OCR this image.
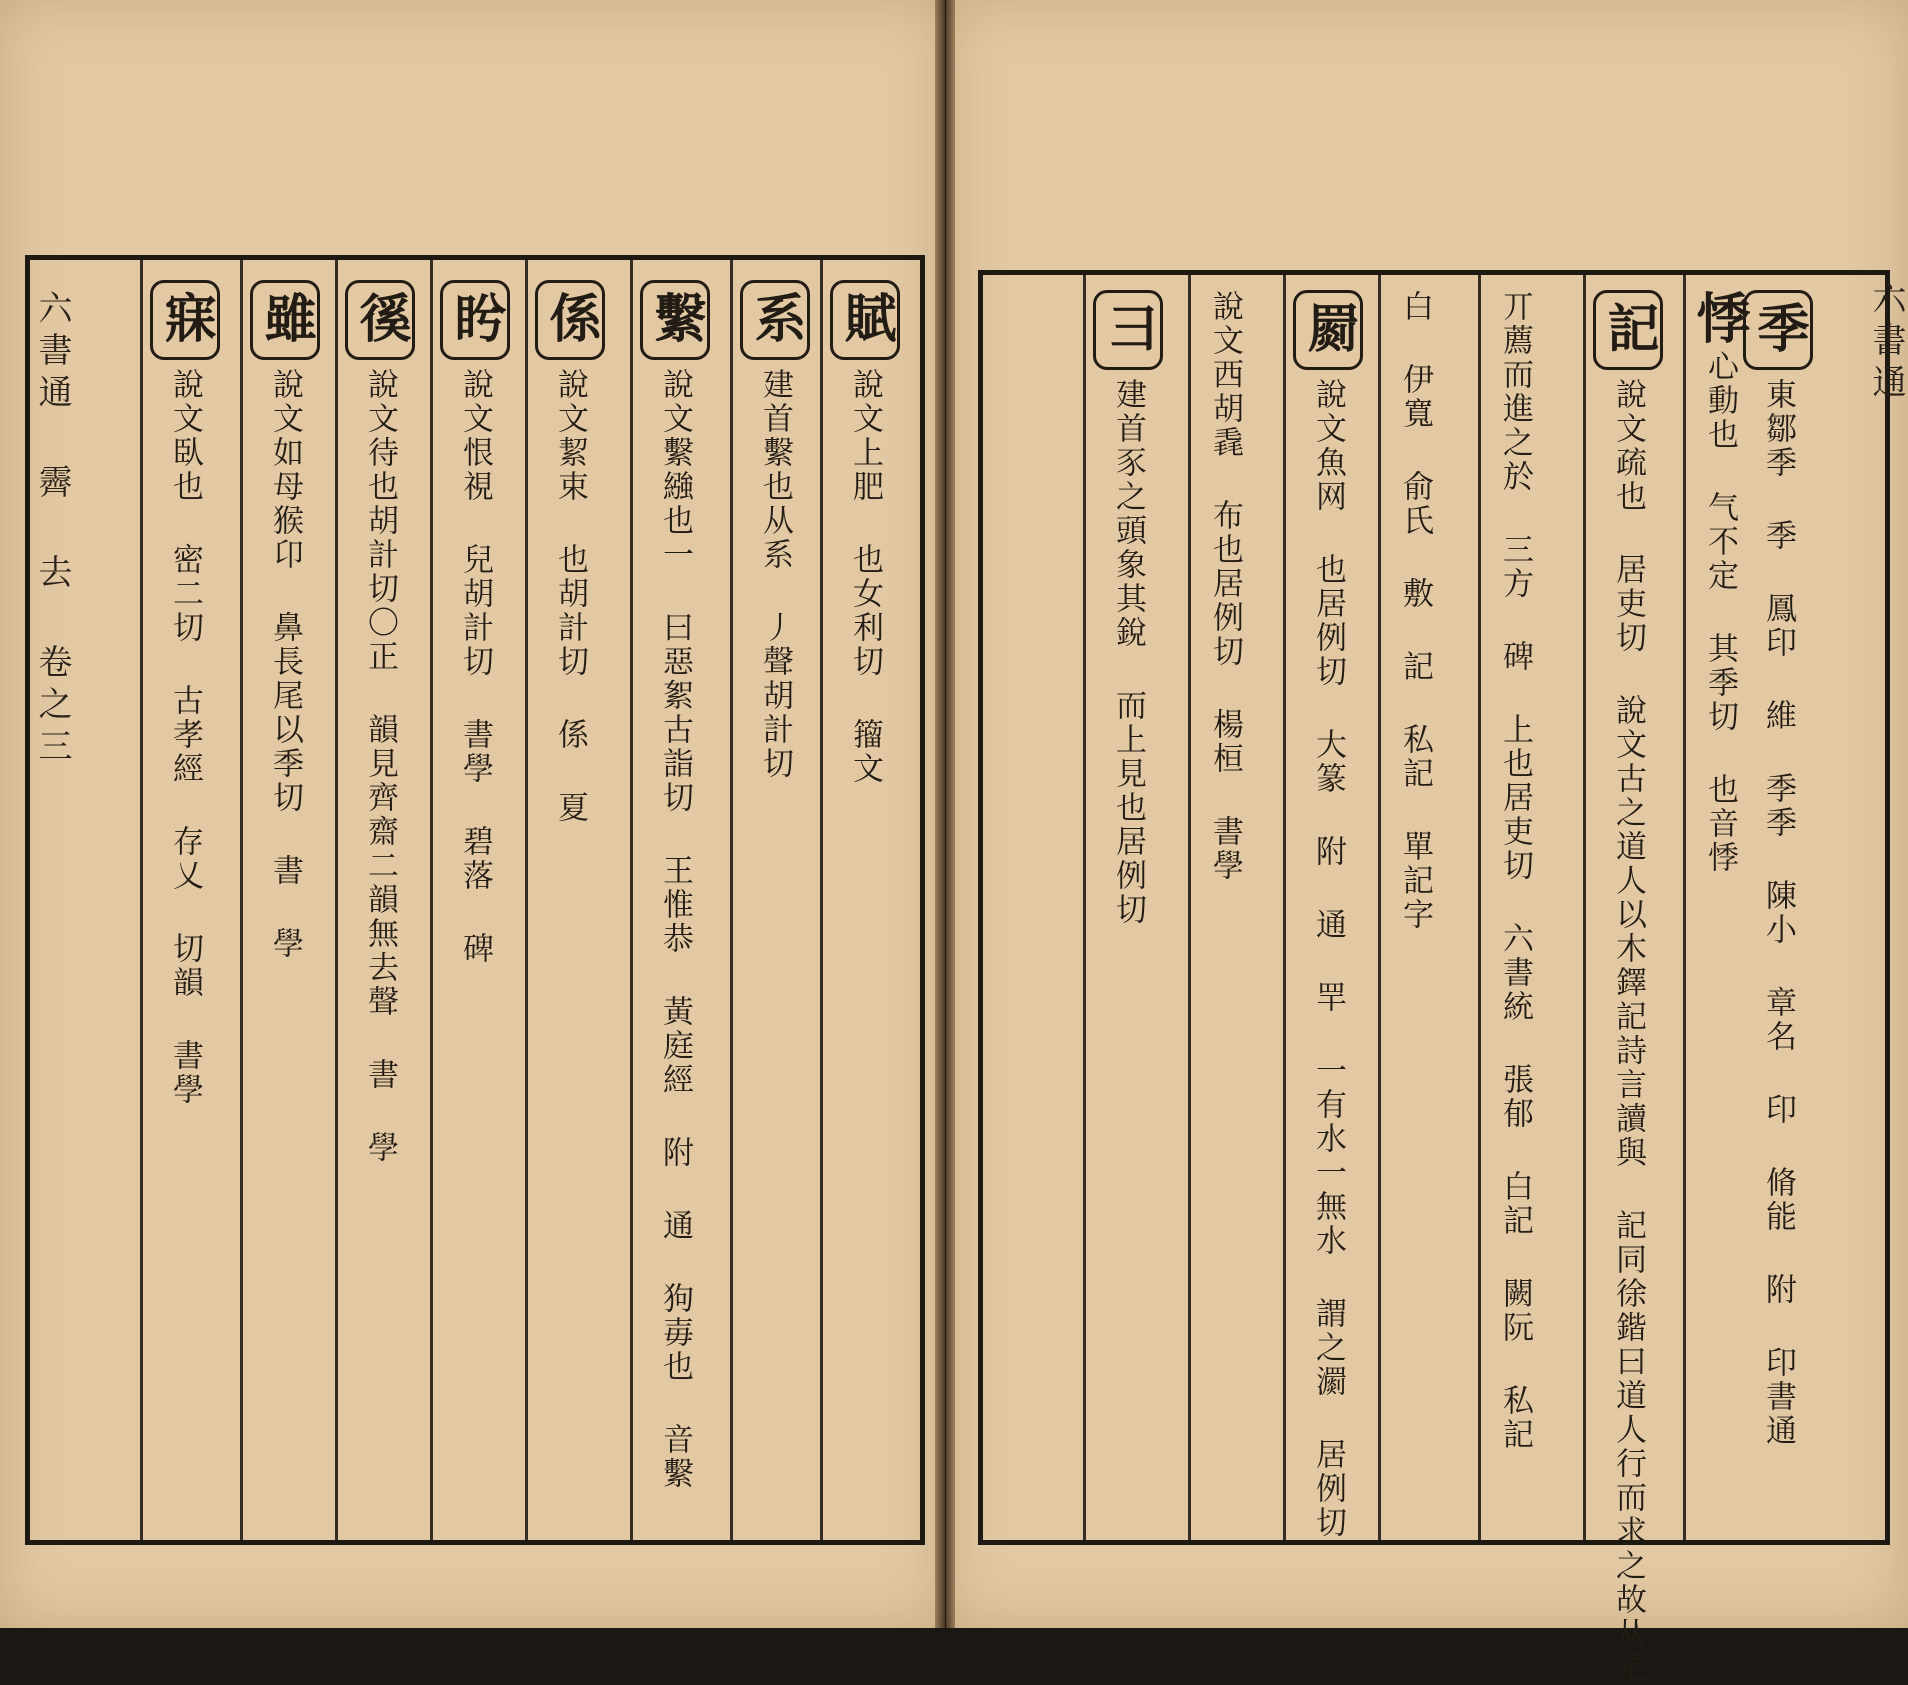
賦說文上肥 也女利切 籀文
系建首繫也从系 丿聲胡計切
繫說文繫繈也一 曰惡絮古詣切 王惟恭 黃庭經 附 通 狗毐也 音繫
係說文絜束 也胡計切 係 夏
盻說文恨視 兒胡計切 書學 碧落 碑
徯說文待也胡計切〇正 韻見齊齋二韻無去聲 書 學
雖說文如母猴卬 鼻長尾以季切 書 學
寐說文臥也 密二切 古孝經 存乂 切韻 書學
六書通 霽 去 卷之三	季東鄒季 季 鳳印 維 季季 陳小 章名 印 脩能 附 印書通
悸心動也 气不定 其季切 也音悸
記說文疏也 居吏切 說文古之道人以木鐸記詩言讀與 記同徐鍇曰道人行而求之故从辵
丌薦而進之於 三方 碑 上也居吏切 六書統 張郁 白記 闕阮 私記
白 伊寬 俞氏 敷 記 私記 單記字
罽說文魚网 也居例切 大篆 附 通 䍐 一有水一無水 謂之瀱 居例切
說文西胡毳 布也居例切 楊桓 書學
彐建首豕之頭象其銳 而上見也居例切
六書通
